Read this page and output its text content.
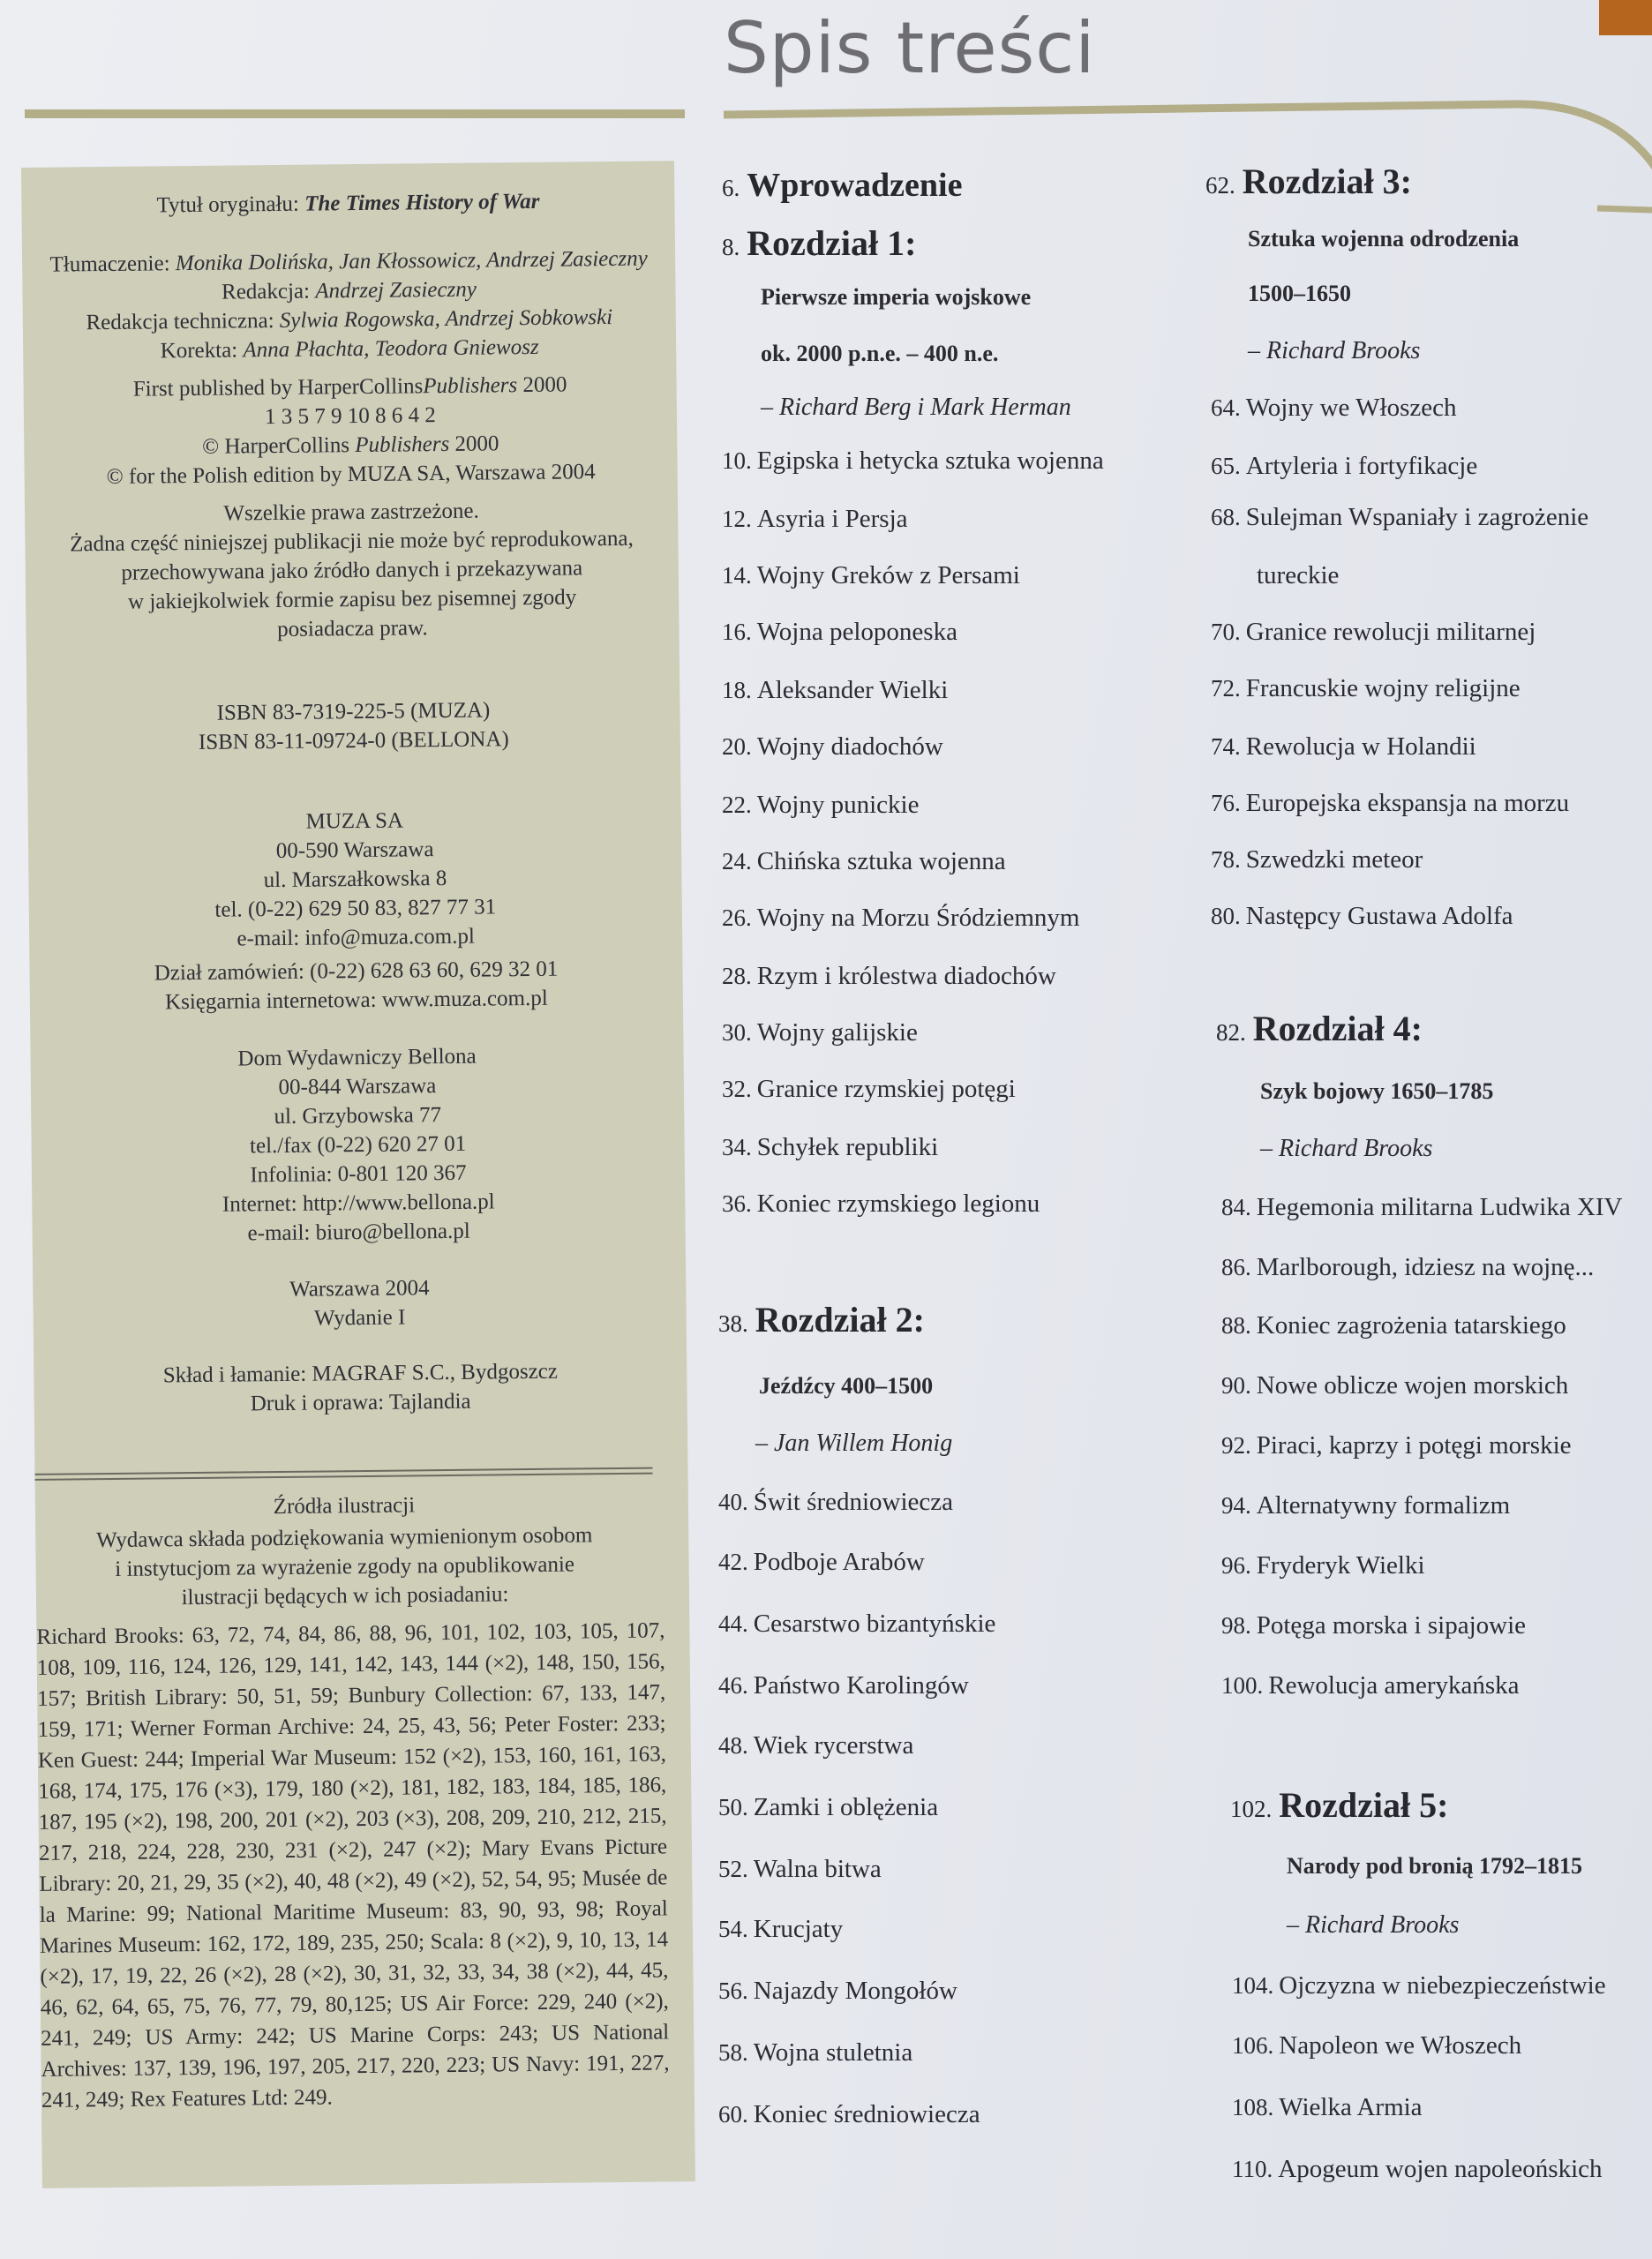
Spis treści
Tytuł oryginału: The Times History of War
Tłumaczenie: Monika Dolińska, Jan Kłossowicz, Andrzej Zasieczny
Redakcja: Andrzej Zasieczny
Redakcja techniczna: Sylwia Rogowska, Andrzej Sobkowski
Korekta: Anna Płachta, Teodora Gniewosz
First published by HarperCollinsPublishers 2000
1 3 5 7 9 10 8 6 4 2
© HarperCollins Publishers 2000
© for the Polish edition by MUZA SA, Warszawa 2004
Wszelkie prawa zastrzeżone.
Żadna część niniejszej publikacji nie może być reprodukowana,
przechowywana jako źródło danych i przekazywana
w jakiejkolwiek formie zapisu bez pisemnej zgody
posiadacza praw.
ISBN 83-7319-225-5 (MUZA)
ISBN 83-11-09724-0 (BELLONA)
MUZA SA
00-590 Warszawa
ul. Marszałkowska 8
tel. (0-22) 629 50 83, 827 77 31
e-mail: info@muza.com.pl
Dział zamówień: (0-22) 628 63 60, 629 32 01
Księgarnia internetowa: www.muza.com.pl
Dom Wydawniczy Bellona
00-844 Warszawa
ul. Grzybowska 77
tel./fax (0-22) 620 27 01
Infolinia: 0-801 120 367
Internet: http://www.bellona.pl
e-mail: biuro@bellona.pl
Warszawa 2004
Wydanie I
Skład i łamanie: MAGRAF S.C., Bydgoszcz
Druk i oprawa: Tajlandia
Źródła ilustracji
Wydawca składa podziękowania wymienionym osobom
i instytucjom za wyrażenie zgody na opublikowanie
ilustracji będących w ich posiadaniu:
Richard Brooks: 63, 72, 74, 84, 86, 88, 96, 101, 102, 103, 105, 107, 108, 109, 116, 124, 126, 129, 141, 142, 143, 144 (×2), 148, 150, 156, 157; British Library: 50, 51, 59; Bunbury Collection: 67, 133, 147, 159, 171; Werner Forman Archive: 24, 25, 43, 56; Peter Foster: 233; Ken Guest: 244; Imperial War Museum: 152 (×2), 153, 160, 161, 163, 168, 174, 175, 176 (×3), 179, 180 (×2), 181, 182, 183, 184, 185, 186, 187, 195 (×2), 198, 200, 201 (×2), 203 (×3), 208, 209, 210, 212, 215, 217, 218, 224, 228, 230, 231 (×2), 247 (×2); Mary Evans Picture Library: 20, 21, 29, 35 (×2), 40, 48 (×2), 49 (×2), 52, 54, 95; Musée de la Marine: 99; National Maritime Museum: 83, 90, 93, 98; Royal Marines Museum: 162, 172, 189, 235, 250; Scala: 8 (×2), 9, 10, 13, 14 (×2), 17, 19, 22, 26 (×2), 28 (×2), 30, 31, 32, 33, 34, 38 (×2), 44, 45, 46, 62, 64, 65, 75, 76, 77, 79, 80,125; US Air Force: 229, 240 (×2), 241, 249; US Army: 242; US Marine Corps: 243; US National Archives: 137, 139, 196, 197, 205, 217, 220, 223; US Navy: 191, 227, 241, 249; Rex Features Ltd: 249.
6. Wprowadzenie
8. Rozdział 1:
Pierwsze imperia wojskowe
ok. 2000 p.n.e. – 400 n.e.
– Richard Berg i Mark Herman
10. Egipska i hetycka sztuka wojenna
12. Asyria i Persja
14. Wojny Greków z Persami
16. Wojna peloponeska
18. Aleksander Wielki
20. Wojny diadochów
22. Wojny punickie
24. Chińska sztuka wojenna
26. Wojny na Morzu Śródziemnym
28. Rzym i królestwa diadochów
30. Wojny galijskie
32. Granice rzymskiej potęgi
34. Schyłek republiki
36. Koniec rzymskiego legionu
38. Rozdział 2:
Jeźdźcy 400–1500
– Jan Willem Honig
40. Świt średniowiecza
42. Podboje Arabów
44. Cesarstwo bizantyńskie
46. Państwo Karolingów
48. Wiek rycerstwa
50. Zamki i oblężenia
52. Walna bitwa
54. Krucjaty
56. Najazdy Mongołów
58. Wojna stuletnia
60. Koniec średniowiecza
62. Rozdział 3:
Sztuka wojenna odrodzenia
1500–1650
– Richard Brooks
64. Wojny we Włoszech
65. Artyleria i fortyfikacje
68. Sulejman Wspaniały i zagrożenie
tureckie
70. Granice rewolucji militarnej
72. Francuskie wojny religijne
74. Rewolucja w Holandii
76. Europejska ekspansja na morzu
78. Szwedzki meteor
80. Następcy Gustawa Adolfa
82. Rozdział 4:
Szyk bojowy 1650–1785
– Richard Brooks
84. Hegemonia militarna Ludwika XIV
86. Marlborough, idziesz na wojnę...
88. Koniec zagrożenia tatarskiego
90. Nowe oblicze wojen morskich
92. Piraci, kaprzy i potęgi morskie
94. Alternatywny formalizm
96. Fryderyk Wielki
98. Potęga morska i sipajowie
100. Rewolucja amerykańska
102. Rozdział 5:
Narody pod bronią 1792–1815
– Richard Brooks
104. Ojczyzna w niebezpieczeństwie
106. Napoleon we Włoszech
108. Wielka Armia
110. Apogeum wojen napoleońskich
